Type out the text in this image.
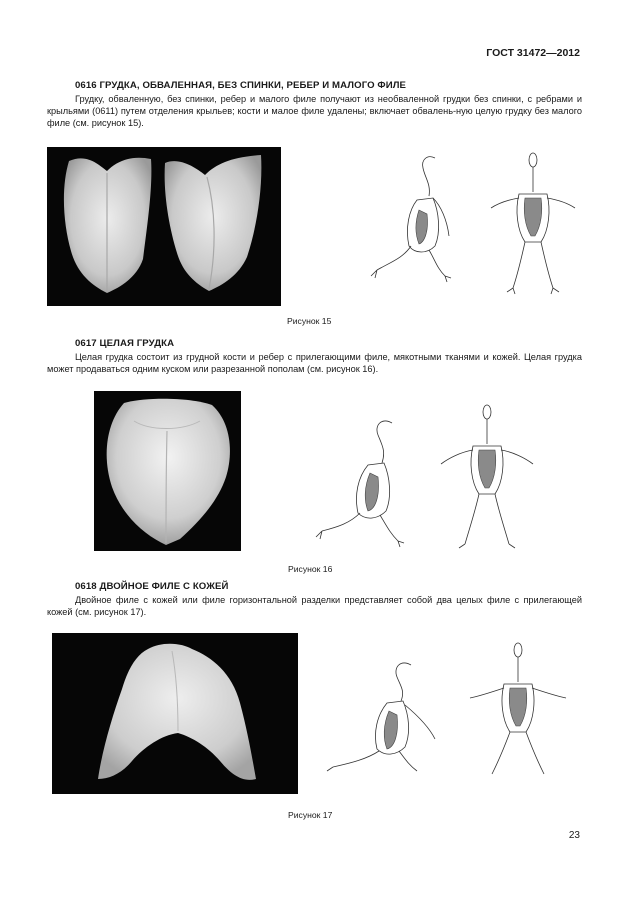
ГОСТ 31472—2012

0616 ГРУДКА, ОБВАЛЕННАЯ, БЕЗ СПИНКИ, РЕБЕР И МАЛОГО ФИЛЕ

Грудку, обваленную, без спинки, ребер и малого филе получают из необваленной грудки без спинки, с ребрами и крыльями (0611) путем отделения крыльев; кости и малое филе удалены; включает обвалень-ную целую грудку без малого филе (см. рисунок 15).

Рисунок 15

0617 ЦЕЛАЯ ГРУДКА

Целая грудка состоит из грудной кости и ребер с прилегающими филе, мякотными тканями и кожей. Целая грудка может продаваться одним куском или разрезанной пополам (см. рисунок 16).

Рисунок 16

0618 ДВОЙНОЕ ФИЛЕ С КОЖЕЙ

Двойное филе с кожей или филе горизонтальной разделки представляет собой два целых филе с прилегающей кожей (см. рисунок 17).

Рисунок 17
23
